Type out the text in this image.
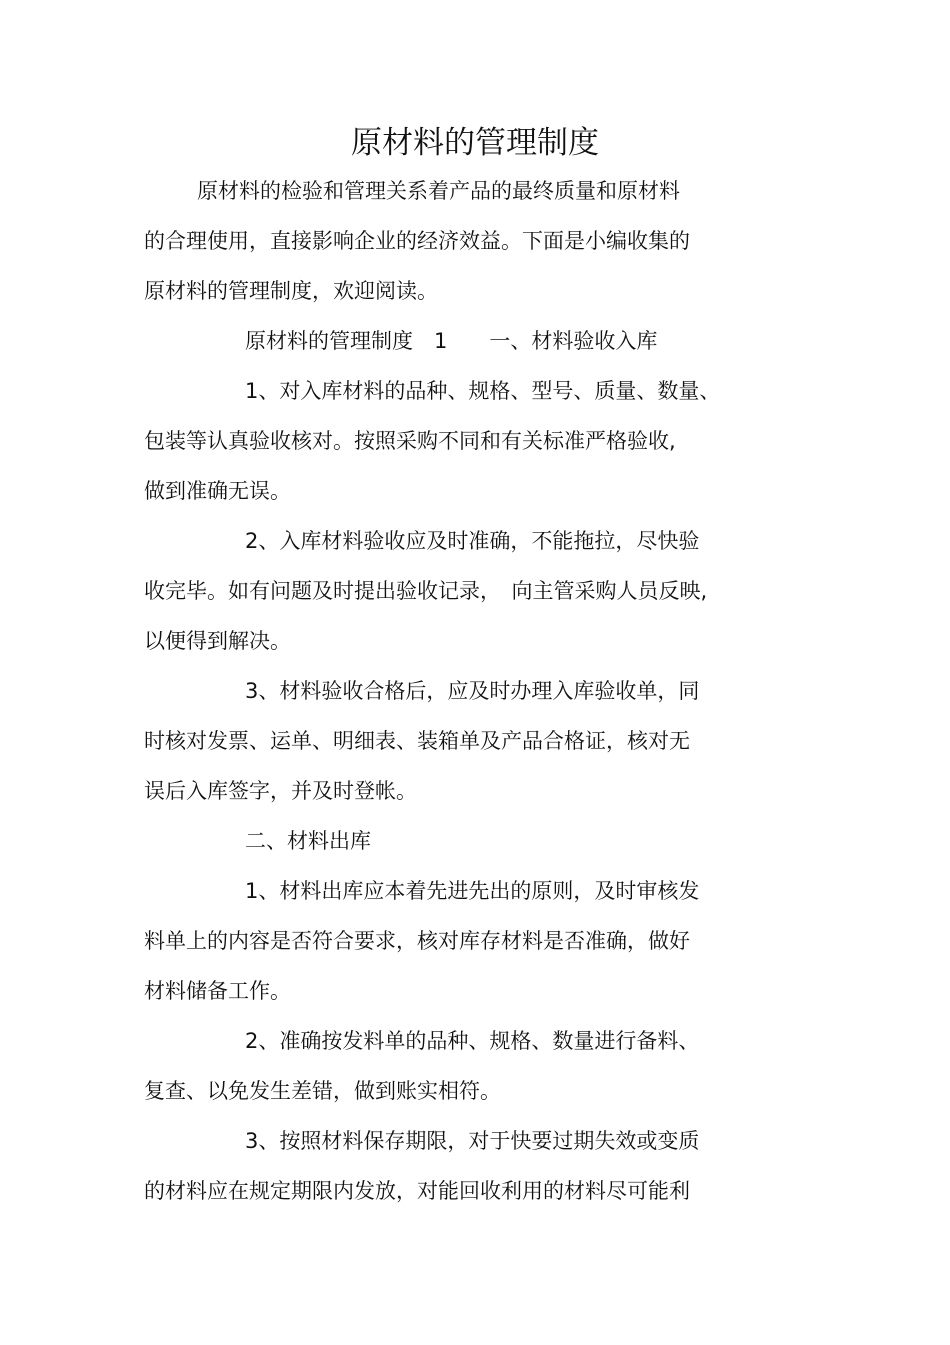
原材料的管理制度
原材料的检验和管理关系着产品的最终质量和原材料
的合理使用，直接影响企业的经济效益。下面是小编收集的
原材料的管理制度，欢迎阅读。
原材料的管理制度　1　　一、材料验收入库
1、对入库材料的品种、规格、型号、质量、数量、
包装等认真验收核对。按照采购不同和有关标准严格验收,
做到准确无误。
2、入库材料验收应及时准确，不能拖拉，尽快验
收完毕。如有问题及时提出验收记录，　向主管采购人员反映,
以便得到解决。
3、材料验收合格后，应及时办理入库验收单，同
时核对发票、运单、明细表、装箱单及产品合格证，核对无
误后入库签字，并及时登帐。
二、材料出库
1、材料出库应本着先进先出的原则，及时审核发
料单上的内容是否符合要求，核对库存材料是否准确，做好
材料储备工作。
2、准确按发料单的品种、规格、数量进行备料、
复查、以免发生差错，做到账实相符。
3、按照材料保存期限，对于快要过期失效或变质
的材料应在规定期限内发放，对能回收利用的材料尽可能利
